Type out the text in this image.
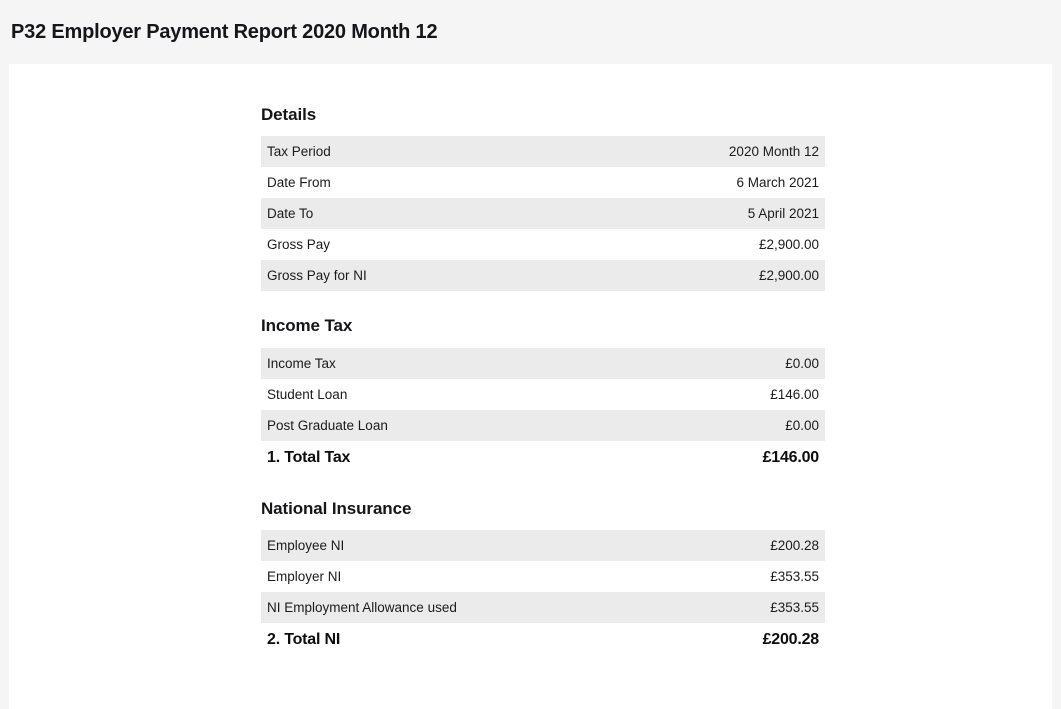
P32 Employer Payment Report 2020 Month 12
Details
Tax Period	2020 Month 12
Date From	6 March 2021
Date To	5 April 2021
Gross Pay	£2,900.00
Gross Pay for NI	£2,900.00
Income Tax
Income Tax	£0.00
Student Loan	£146.00
Post Graduate Loan	£0.00
1. Total Tax	£146.00
National Insurance
Employee NI	£200.28
Employer NI	£353.55
NI Employment Allowance used	£353.55
2. Total NI	£200.28
